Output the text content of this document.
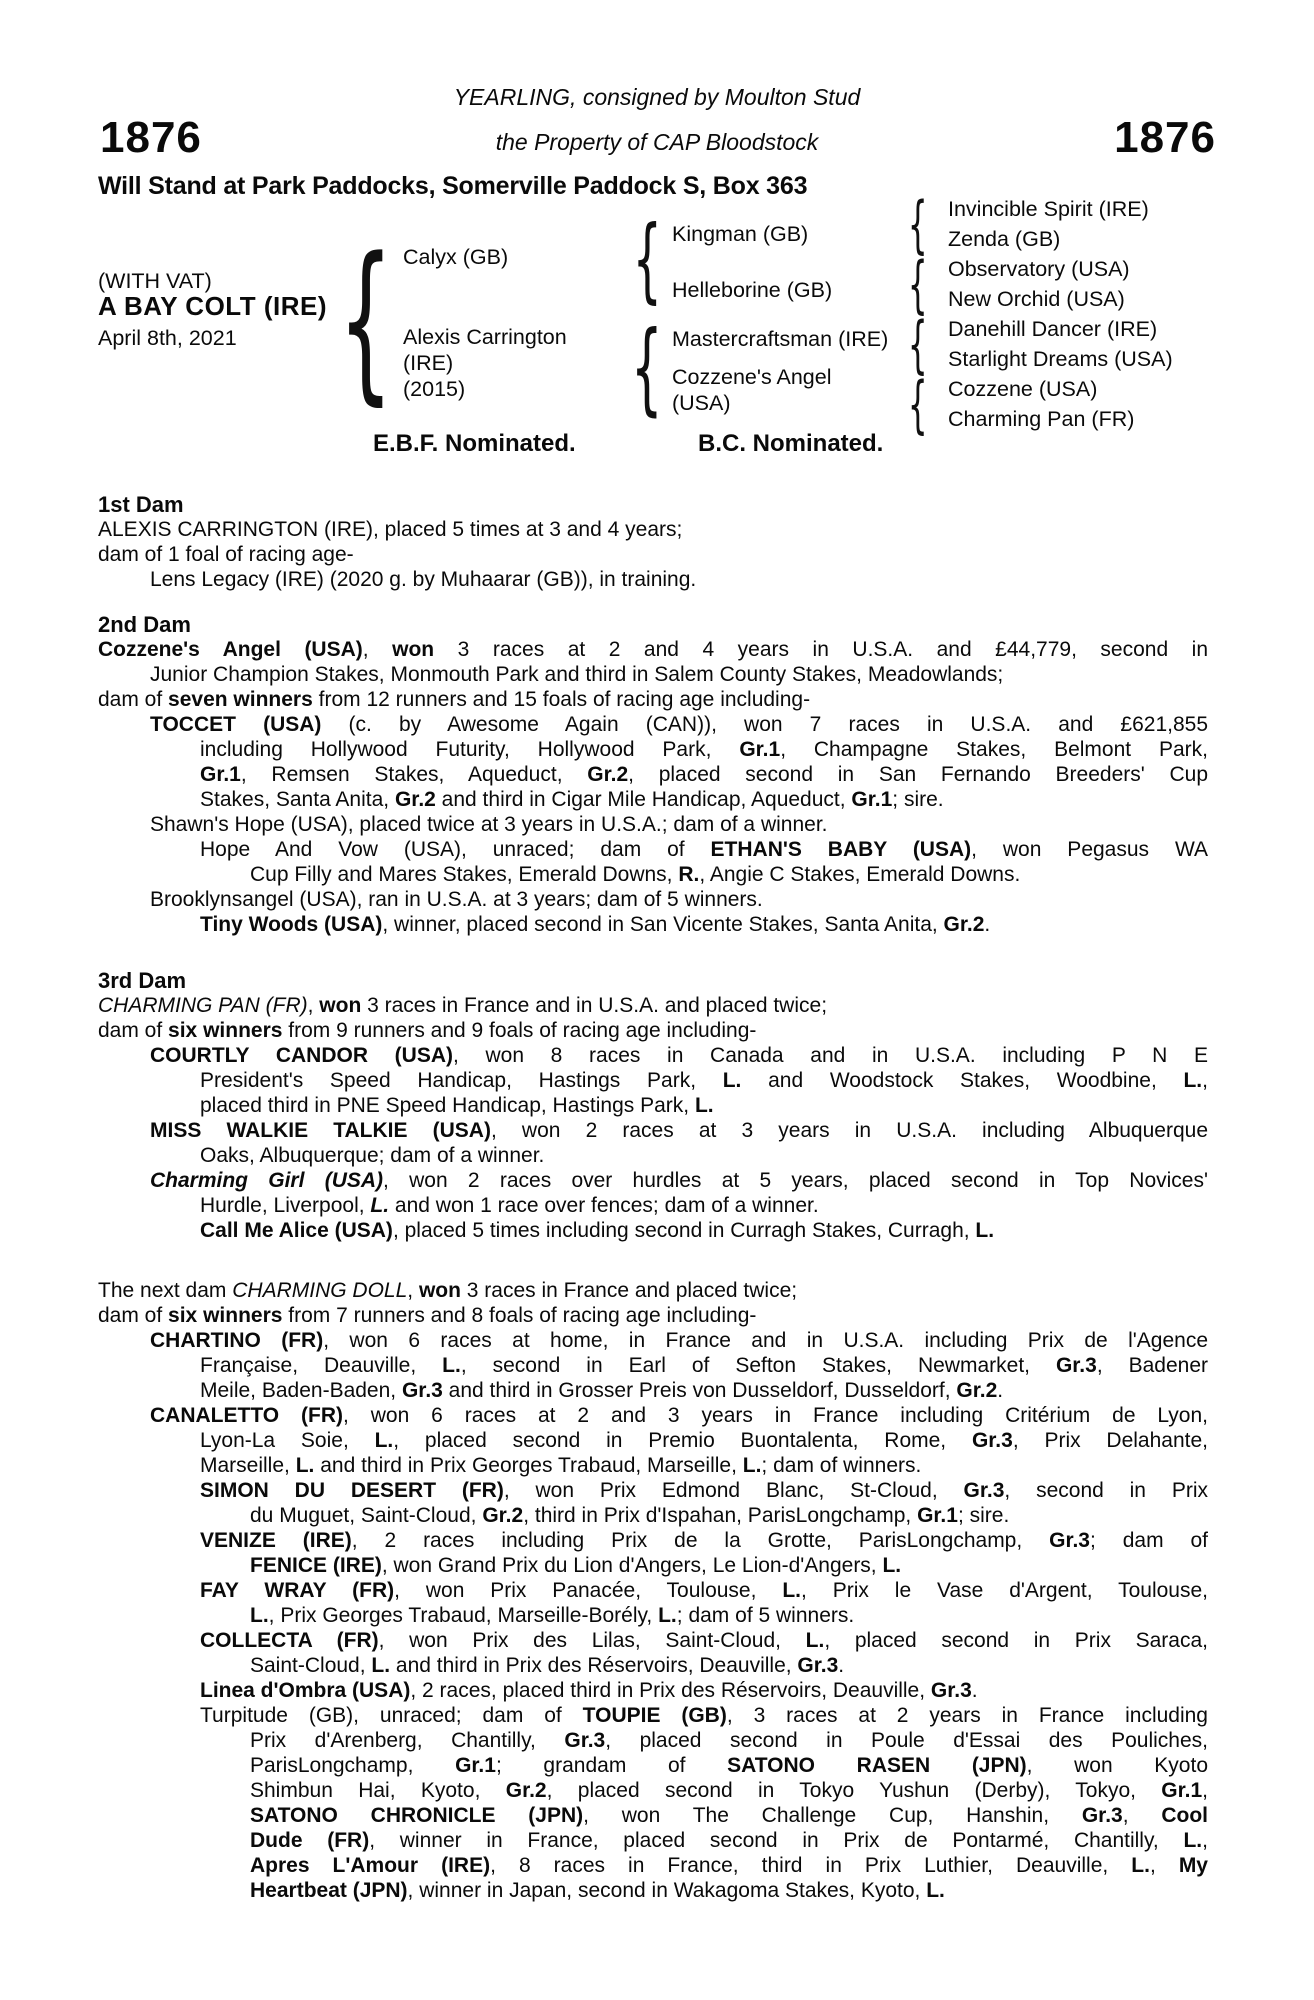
YEARLING, consigned by Moulton Stud
1876	the Property of CAP Bloodstock	1876
Will Stand at Park Paddocks, Somerville Paddock S, Box 363
(WITH VAT)
A BAY COLT (IRE)
April 8th, 2021
{
{
{
{
{
{
{
Calyx (GB)
Alexis Carrington
(IRE)
(2015)
Kingman (GB)
Helleborine (GB)
Mastercraftsman (IRE)
Cozzene's Angel
(USA)
Invincible Spirit (IRE)
Zenda (GB)
Observatory (USA)
New Orchid (USA)
Danehill Dancer (IRE)
Starlight Dreams (USA)
Cozzene (USA)
Charming Pan (FR)
E.B.F. Nominated.	B.C. Nominated.
1st Dam
ALEXIS CARRINGTON (IRE), placed 5 times at 3 and 4 years;
dam of 1 foal of racing age-
Lens Legacy (IRE) (2020 g. by Muhaarar (GB)), in training.
2nd Dam
Cozzene's Angel (USA), won 3 races at 2 and 4 years in U.S.A. and £44,779, second in
Junior Champion Stakes, Monmouth Park and third in Salem County Stakes, Meadowlands;
dam of seven winners from 12 runners and 15 foals of racing age including-
TOCCET (USA) (c. by Awesome Again (CAN)), won 7 races in U.S.A. and £621,855
including Hollywood Futurity, Hollywood Park, Gr.1, Champagne Stakes, Belmont Park,
Gr.1, Remsen Stakes, Aqueduct, Gr.2, placed second in San Fernando Breeders' Cup
Stakes, Santa Anita, Gr.2 and third in Cigar Mile Handicap, Aqueduct, Gr.1; sire.
Shawn's Hope (USA), placed twice at 3 years in U.S.A.; dam of a winner.
Hope And Vow (USA), unraced; dam of ETHAN'S BABY (USA), won Pegasus WA
Cup Filly and Mares Stakes, Emerald Downs, R., Angie C Stakes, Emerald Downs.
Brooklynsangel (USA), ran in U.S.A. at 3 years; dam of 5 winners.
Tiny Woods (USA), winner, placed second in San Vicente Stakes, Santa Anita, Gr.2.
3rd Dam
CHARMING PAN (FR), won 3 races in France and in U.S.A. and placed twice;
dam of six winners from 9 runners and 9 foals of racing age including-
COURTLY CANDOR (USA), won 8 races in Canada and in U.S.A. including P N E
President's Speed Handicap, Hastings Park, L. and Woodstock Stakes, Woodbine, L.,
placed third in PNE Speed Handicap, Hastings Park, L.
MISS WALKIE TALKIE (USA), won 2 races at 3 years in U.S.A. including Albuquerque
Oaks, Albuquerque; dam of a winner.
Charming Girl (USA), won 2 races over hurdles at 5 years, placed second in Top Novices'
Hurdle, Liverpool, L. and won 1 race over fences; dam of a winner.
Call Me Alice (USA), placed 5 times including second in Curragh Stakes, Curragh, L.
The next dam CHARMING DOLL, won 3 races in France and placed twice;
dam of six winners from 7 runners and 8 foals of racing age including-
CHARTINO (FR), won 6 races at home, in France and in U.S.A. including Prix de l'Agence
Française, Deauville, L., second in Earl of Sefton Stakes, Newmarket, Gr.3, Badener
Meile, Baden-Baden, Gr.3 and third in Grosser Preis von Dusseldorf, Dusseldorf, Gr.2.
CANALETTO (FR), won 6 races at 2 and 3 years in France including Critérium de Lyon,
Lyon-La Soie, L., placed second in Premio Buontalenta, Rome, Gr.3, Prix Delahante,
Marseille, L. and third in Prix Georges Trabaud, Marseille, L.; dam of winners.
SIMON DU DESERT (FR), won Prix Edmond Blanc, St-Cloud, Gr.3, second in Prix
du Muguet, Saint-Cloud, Gr.2, third in Prix d'Ispahan, ParisLongchamp, Gr.1; sire.
VENIZE (IRE), 2 races including Prix de la Grotte, ParisLongchamp, Gr.3; dam of
FENICE (IRE), won Grand Prix du Lion d'Angers, Le Lion-d'Angers, L.
FAY WRAY (FR), won Prix Panacée, Toulouse, L., Prix le Vase d'Argent, Toulouse,
L., Prix Georges Trabaud, Marseille-Borély, L.; dam of 5 winners.
COLLECTA (FR), won Prix des Lilas, Saint-Cloud, L., placed second in Prix Saraca,
Saint-Cloud, L. and third in Prix des Réservoirs, Deauville, Gr.3.
Linea d'Ombra (USA), 2 races, placed third in Prix des Réservoirs, Deauville, Gr.3.
Turpitude (GB), unraced; dam of TOUPIE (GB), 3 races at 2 years in France including
Prix d'Arenberg, Chantilly, Gr.3, placed second in Poule d'Essai des Pouliches,
ParisLongchamp, Gr.1; grandam of SATONO RASEN (JPN), won Kyoto
Shimbun Hai, Kyoto, Gr.2, placed second in Tokyo Yushun (Derby), Tokyo, Gr.1,
SATONO CHRONICLE (JPN), won The Challenge Cup, Hanshin, Gr.3, Cool
Dude (FR), winner in France, placed second in Prix de Pontarmé, Chantilly, L.,
Apres L'Amour (IRE), 8 races in France, third in Prix Luthier, Deauville, L., My
Heartbeat (JPN), winner in Japan, second in Wakagoma Stakes, Kyoto, L.
